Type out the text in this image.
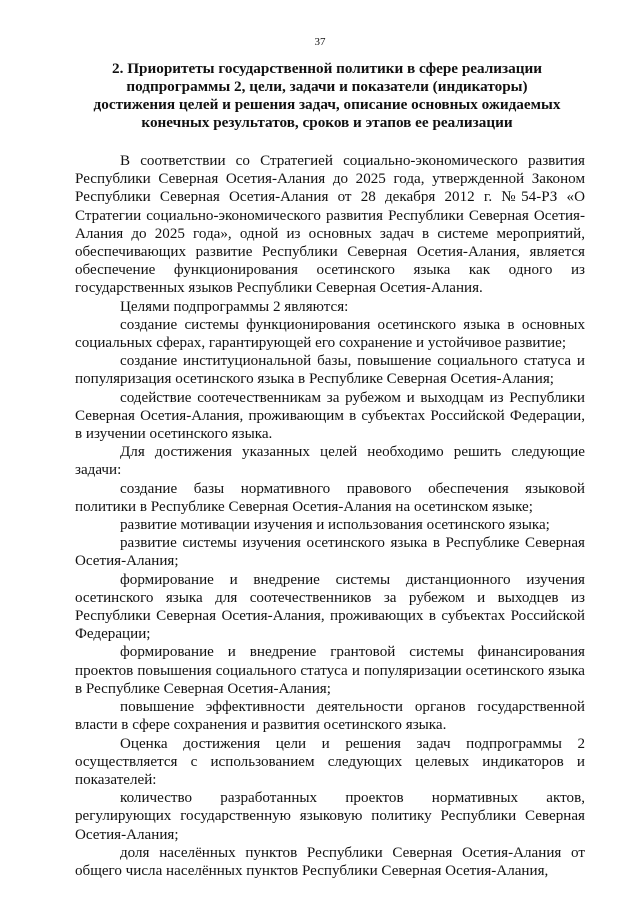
37
2. Приоритеты государственной политики в сфере реализации подпрограммы 2, цели, задачи и показатели (индикаторы) достижения целей и решения задач, описание основных ожидаемых конечных результатов, сроков и этапов ее реализации

В соответствии со Стратегией социально-экономического развития Республики Северная Осетия-Алания до 2025 года, утвержденной Законом Республики Северная Осетия-Алания от 28 декабря 2012 г. №54-РЗ «О Стратегии социально-экономического развития Республики Северная Осетия-Алания до 2025 года», одной из основных задач в системе мероприятий, обеспечивающих развитие Республики Северная Осетия-Алания, является обеспечение функционирования осетинского языка как одного из государственных языков Республики Северная Осетия-Алания.

Целями подпрограммы 2 являются:

создание системы функционирования осетинского языка в основных социальных сферах, гарантирующей его сохранение и устойчивое развитие;

создание институциональной базы, повышение социального статуса и популяризация осетинского языка в Республике Северная Осетия-Алания;

содействие соотечественникам за рубежом и выходцам из Республики Северная Осетия-Алания, проживающим в субъектах Российской Федерации, в изучении осетинского языка.

Для достижения указанных целей необходимо решить следующие задачи:

создание базы нормативного правового обеспечения языковой политики в Республике Северная Осетия-Алания на осетинском языке;

развитие мотивации изучения и использования осетинского языка;

развитие системы изучения осетинского языка в Республике Северная Осетия-Алания;

формирование и внедрение системы дистанционного изучения осетинского языка для соотечественников за рубежом и выходцев из Республики Северная Осетия-Алания, проживающих в субъектах Российской Федерации;

формирование и внедрение грантовой системы финансирования проектов повышения социального статуса и популяризации осетинского языка в Республике Северная Осетия-Алания;

повышение эффективности деятельности органов государственной власти в сфере сохранения и развития осетинского языка.

Оценка достижения цели и решения задач подпрограммы 2 осуществляется с использованием следующих целевых индикаторов и показателей:

количество разработанных проектов нормативных актов, регулирующих государственную языковую политику Республики Северная Осетия-Алания;

доля населённых пунктов Республики Северная Осетия-Алания от общего числа населённых пунктов Республики Северная Осетия-Алания,
